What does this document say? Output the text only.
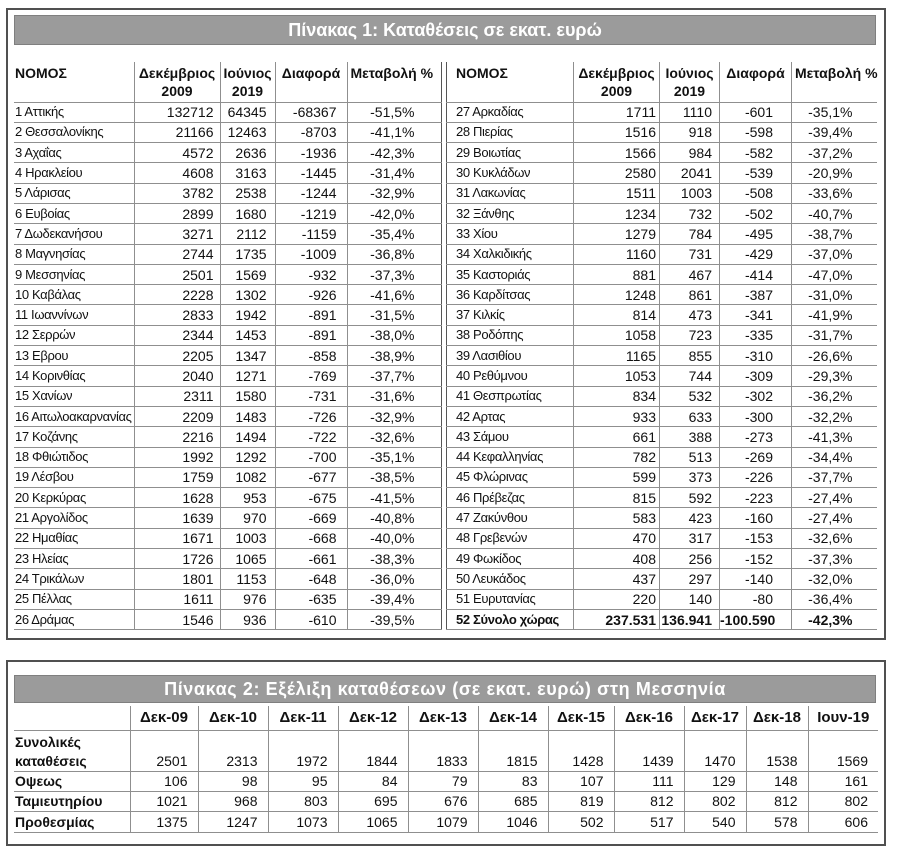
Πίνακας 1: Καταθέσεις σε εκατ. ευρώ
ΝΟΜΟΣ	Δεκέμβριος 2009	Ιούνιος 2019	Διαφορά	Μεταβολή %
1 Αττικής	132712	64345	-68367	-51,5%
2 Θεσσαλονίκης	21166	12463	-8703	-41,1%
3 Αχαΐας	4572	2636	-1936	-42,3%
4 Ηρακλείου	4608	3163	-1445	-31,4%
5 Λάρισας	3782	2538	-1244	-32,9%
6 Ευβοίας	2899	1680	-1219	-42,0%
7 Δωδεκανήσου	3271	2112	-1159	-35,4%
8 Μαγνησίας	2744	1735	-1009	-36,8%
9 Μεσσηνίας	2501	1569	-932	-37,3%
10 Καβάλας	2228	1302	-926	-41,6%
11 Ιωαννίνων	2833	1942	-891	-31,5%
12 Σερρών	2344	1453	-891	-38,0%
13 Εβρου	2205	1347	-858	-38,9%
14 Κορινθίας	2040	1271	-769	-37,7%
15 Χανίων	2311	1580	-731	-31,6%
16 Αιτωλοακαρνανίας	2209	1483	-726	-32,9%
17 Κοζάνης	2216	1494	-722	-32,6%
18 Φθιώτιδος	1992	1292	-700	-35,1%
19 Λέσβου	1759	1082	-677	-38,5%
20 Κερκύρας	1628	953	-675	-41,5%
21 Αργολίδος	1639	970	-669	-40,8%
22 Ημαθίας	1671	1003	-668	-40,0%
23 Ηλείας	1726	1065	-661	-38,3%
24 Τρικάλων	1801	1153	-648	-36,0%
25 Πέλλας	1611	976	-635	-39,4%
26 Δράμας	1546	936	-610	-39,5%
ΝΟΜΟΣ	Δεκέμβριος 2009	Ιούνιος 2019	Διαφορά	Μεταβολή %
27 Αρκαδίας	1711	1110	-601	-35,1%
28 Πιερίας	1516	918	-598	-39,4%
29 Βοιωτίας	1566	984	-582	-37,2%
30 Κυκλάδων	2580	2041	-539	-20,9%
31 Λακωνίας	1511	1003	-508	-33,6%
32 Ξάνθης	1234	732	-502	-40,7%
33 Χίου	1279	784	-495	-38,7%
34 Χαλκιδικής	1160	731	-429	-37,0%
35 Καστοριάς	881	467	-414	-47,0%
36 Καρδίτσας	1248	861	-387	-31,0%
37 Κιλκίς	814	473	-341	-41,9%
38 Ροδόπης	1058	723	-335	-31,7%
39 Λασιθίου	1165	855	-310	-26,6%
40 Ρεθύμνου	1053	744	-309	-29,3%
41 Θεσπρωτίας	834	532	-302	-36,2%
42 Αρτας	933	633	-300	-32,2%
43 Σάμου	661	388	-273	-41,3%
44 Κεφαλληνίας	782	513	-269	-34,4%
45 Φλώρινας	599	373	-226	-37,7%
46 Πρέβεζας	815	592	-223	-27,4%
47 Ζακύνθου	583	423	-160	-27,4%
48 Γρεβενών	470	317	-153	-32,6%
49 Φωκίδος	408	256	-152	-37,3%
50 Λευκάδος	437	297	-140	-32,0%
51 Ευρυτανίας	220	140	-80	-36,4%
52 Σύνολο χώρας	237.531	136.941	-100.590	-42,3%
Πίνακας 2: Εξέλιξη καταθέσεων (σε εκατ. ευρώ) στη Μεσσηνία
	Δεκ-09	Δεκ-10	Δεκ-11	Δεκ-12	Δεκ-13	Δεκ-14	Δεκ-15	Δεκ-16	Δεκ-17	Δεκ-18	Ιουν-19
Συνολικές καταθέσεις	2501	2313	1972	1844	1833	1815	1428	1439	1470	1538	1569
Οψεως	106	98	95	84	79	83	107	111	129	148	161
Ταμιευτηρίου	1021	968	803	695	676	685	819	812	802	812	802
Προθεσμίας	1375	1247	1073	1065	1079	1046	502	517	540	578	606
